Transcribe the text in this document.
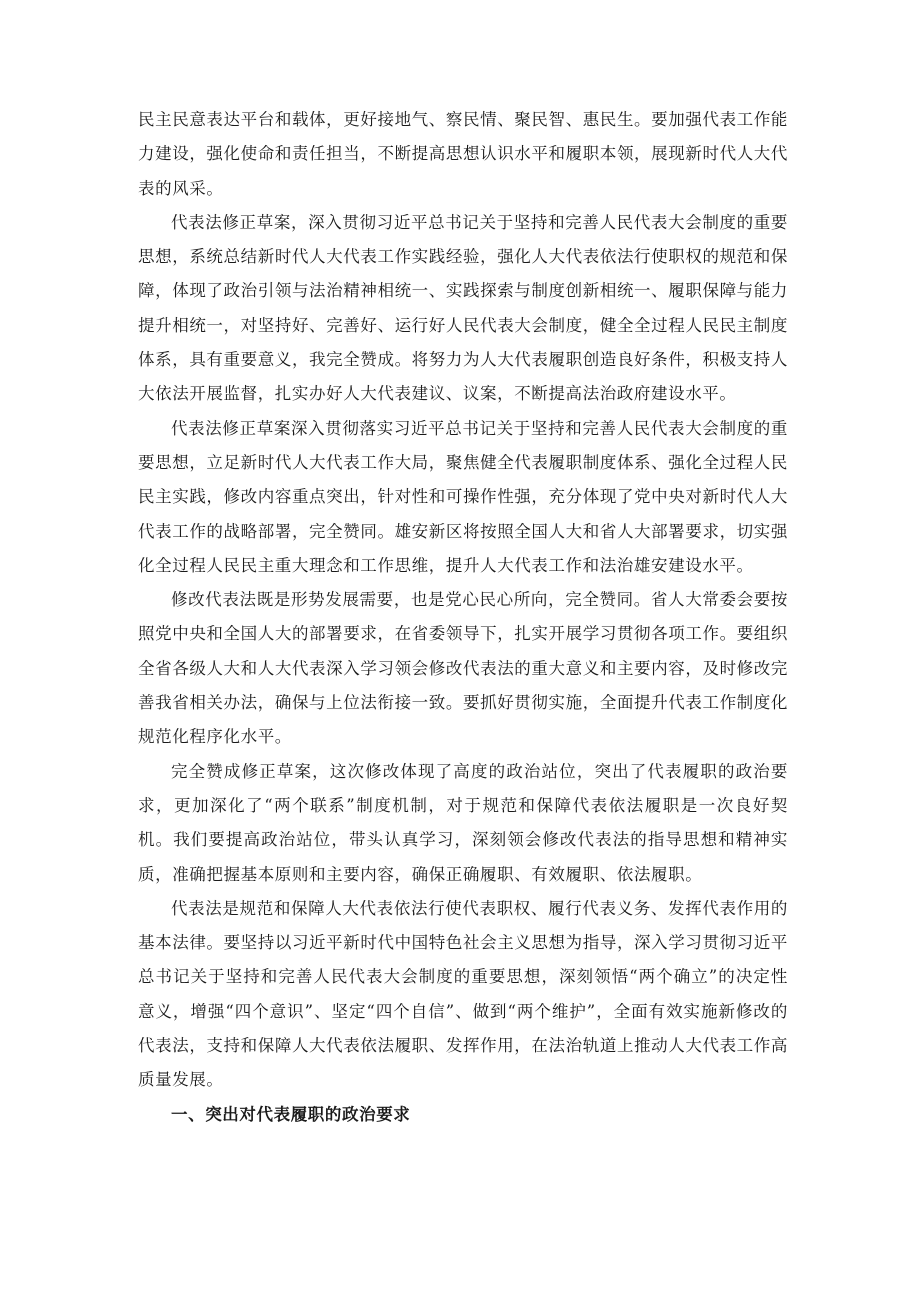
民主民意表达平台和载体，更好接地气、察民情、聚民智、惠民生。要加强代表工作能力建设，强化使命和责任担当，不断提高思想认识水平和履职本领，展现新时代人大代表的风采。

代表法修正草案，深入贯彻习近平总书记关于坚持和完善人民代表大会制度的重要思想，系统总结新时代人大代表工作实践经验，强化人大代表依法行使职权的规范和保障，体现了政治引领与法治精神相统一、实践探索与制度创新相统一、履职保障与能力提升相统一，对坚持好、完善好、运行好人民代表大会制度，健全全过程人民民主制度体系，具有重要意义，我完全赞成。将努力为人大代表履职创造良好条件，积极支持人大依法开展监督，扎实办好人大代表建议、议案，不断提高法治政府建设水平。

代表法修正草案深入贯彻落实习近平总书记关于坚持和完善人民代表大会制度的重要思想，立足新时代人大代表工作大局，聚焦健全代表履职制度体系、强化全过程人民民主实践，修改内容重点突出，针对性和可操作性强，充分体现了党中央对新时代人大代表工作的战略部署，完全赞同。雄安新区将按照全国人大和省人大部署要求，切实强化全过程人民民主重大理念和工作思维，提升人大代表工作和法治雄安建设水平。

修改代表法既是形势发展需要，也是党心民心所向，完全赞同。省人大常委会要按照党中央和全国人大的部署要求，在省委领导下，扎实开展学习贯彻各项工作。要组织全省各级人大和人大代表深入学习领会修改代表法的重大意义和主要内容，及时修改完善我省相关办法，确保与上位法衔接一致。要抓好贯彻实施，全面提升代表工作制度化规范化程序化水平。

完全赞成修正草案，这次修改体现了高度的政治站位，突出了代表履职的政治要求，更加深化了“两个联系”制度机制，对于规范和保障代表依法履职是一次良好契机。我们要提高政治站位，带头认真学习，深刻领会修改代表法的指导思想和精神实质，准确把握基本原则和主要内容，确保正确履职、有效履职、依法履职。

代表法是规范和保障人大代表依法行使代表职权、履行代表义务、发挥代表作用的基本法律。要坚持以习近平新时代中国特色社会主义思想为指导，深入学习贯彻习近平总书记关于坚持和完善人民代表大会制度的重要思想，深刻领悟“两个确立”的决定性意义，增强“四个意识”、坚定“四个自信”、做到“两个维护”，全面有效实施新修改的代表法，支持和保障人大代表依法履职、发挥作用，在法治轨道上推动人大代表工作高质量发展。

一、突出对代表履职的政治要求
